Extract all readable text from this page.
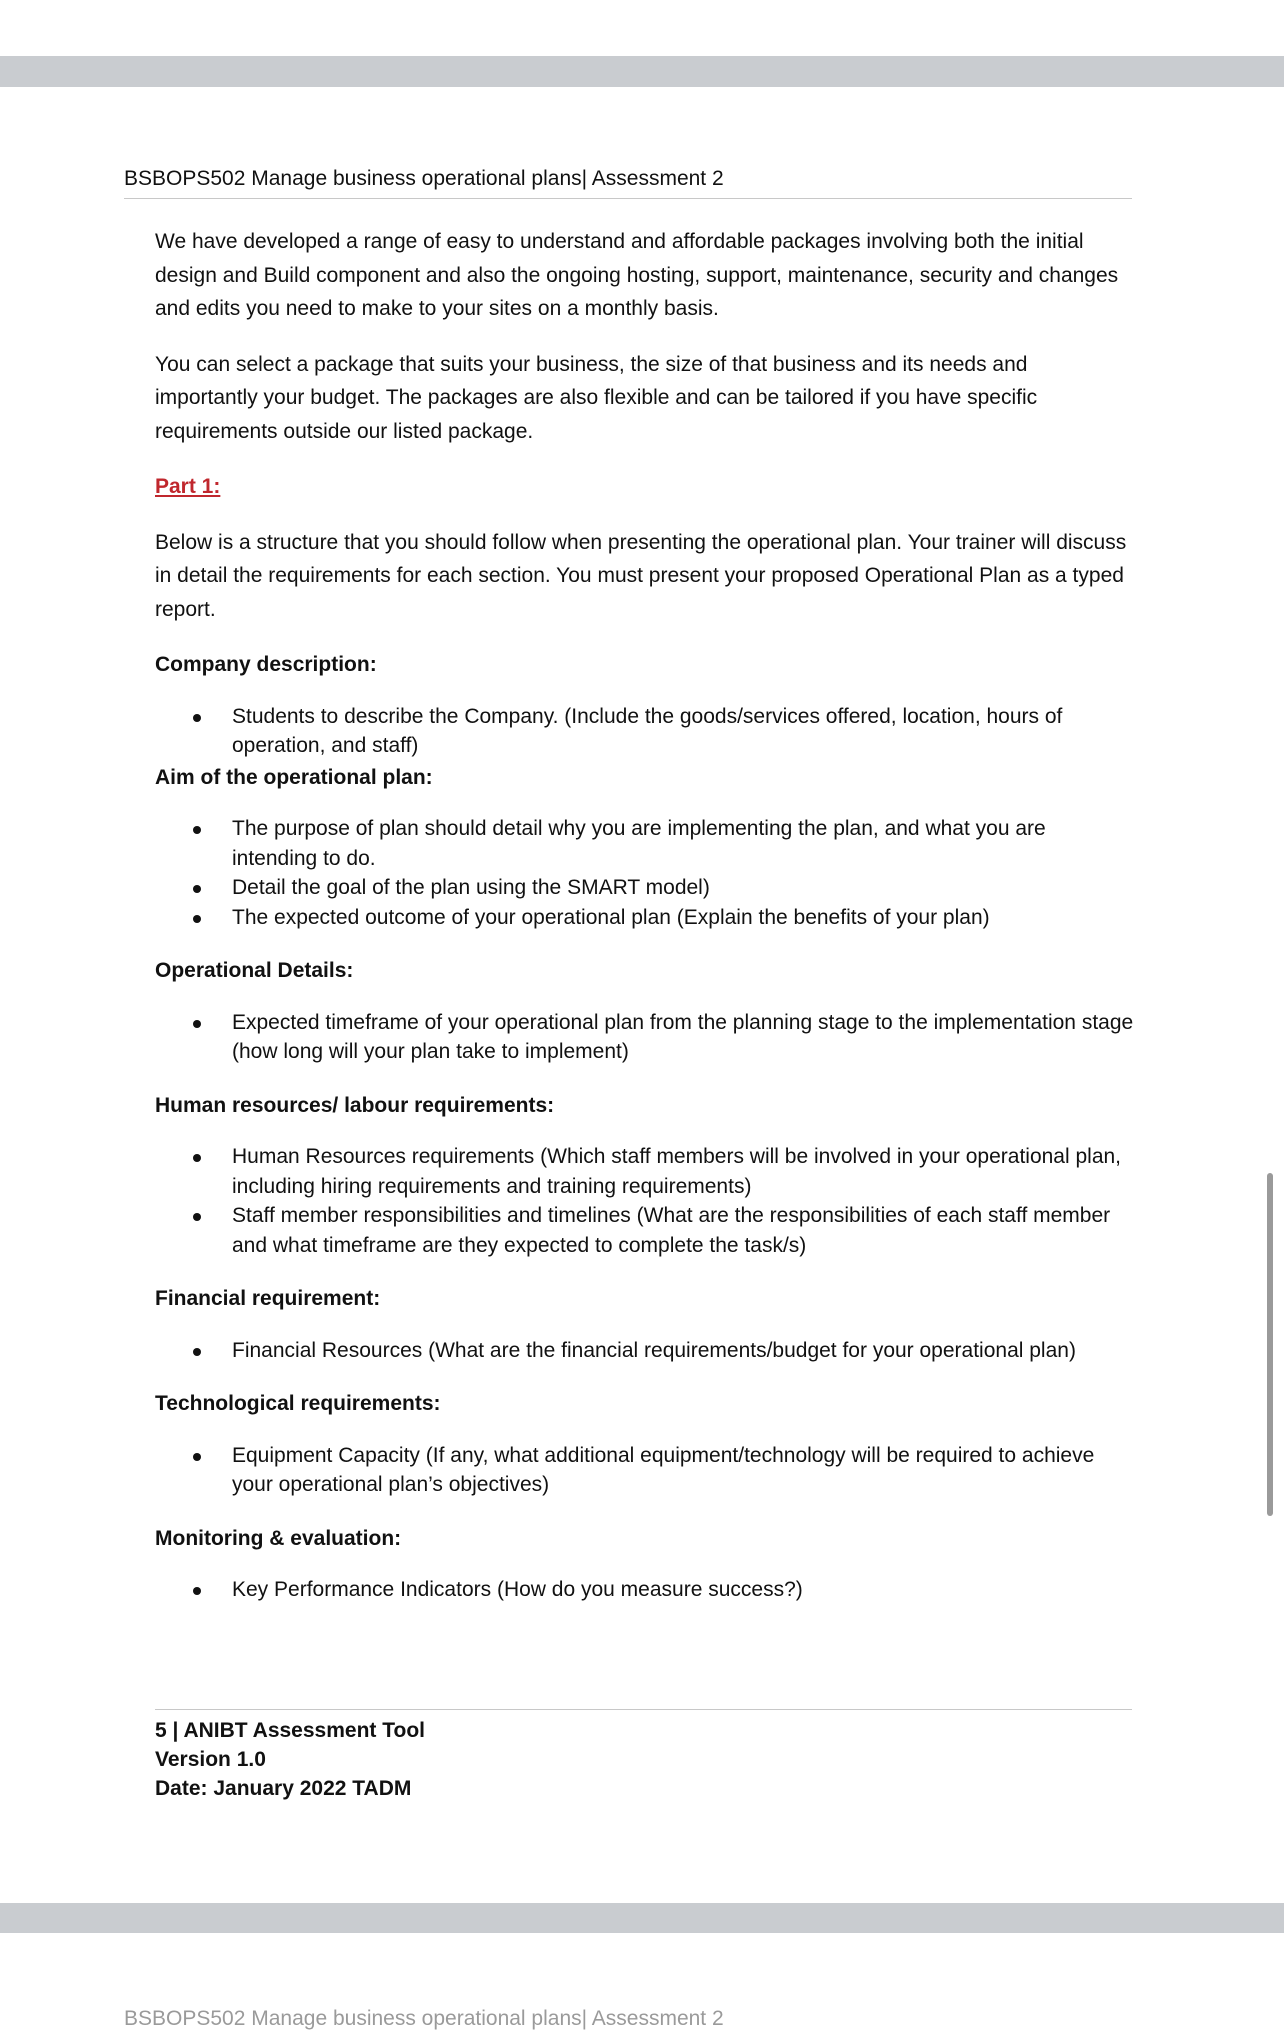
BSBOPS502 Manage business operational plans| Assessment 2

We have developed a range of easy to understand and affordable packages involving both the initial design and Build component and also the ongoing hosting, support, maintenance, security and changes and edits you need to make to your sites on a monthly basis.

You can select a package that suits your business, the size of that business and its needs and importantly your budget. The packages are also flexible and can be tailored if you have specific requirements outside our listed package.

Part 1:

Below is a structure that you should follow when presenting the operational plan. Your trainer will discuss in detail the requirements for each section. You must present your proposed Operational Plan as a typed report.

Company description:
Students to describe the Company. (Include the goods/services offered, location, hours of operation, and staff)
Aim of the operational plan:
The purpose of plan should detail why you are implementing the plan, and what you are intending to do.
Detail the goal of the plan using the SMART model)
The expected outcome of your operational plan (Explain the benefits of your plan)
Operational Details:
Expected timeframe of your operational plan from the planning stage to the implementation stage (how long will your plan take to implement)
Human resources/ labour requirements:
Human Resources requirements (Which staff members will be involved in your operational plan, including hiring requirements and training requirements)
Staff member responsibilities and timelines (What are the responsibilities of each staff member and what timeframe are they expected to complete the task/s)
Financial requirement:
Financial Resources (What are the financial requirements/budget for your operational plan)
Technological requirements:
Equipment Capacity (If any, what additional equipment/technology will be required to achieve your operational plan’s objectives)
Monitoring & evaluation:
Key Performance Indicators (How do you measure success?)
5 | ANIBT Assessment Tool
Version 1.0
Date: January 2022 TADM
BSBOPS502 Manage business operational plans| Assessment 2
